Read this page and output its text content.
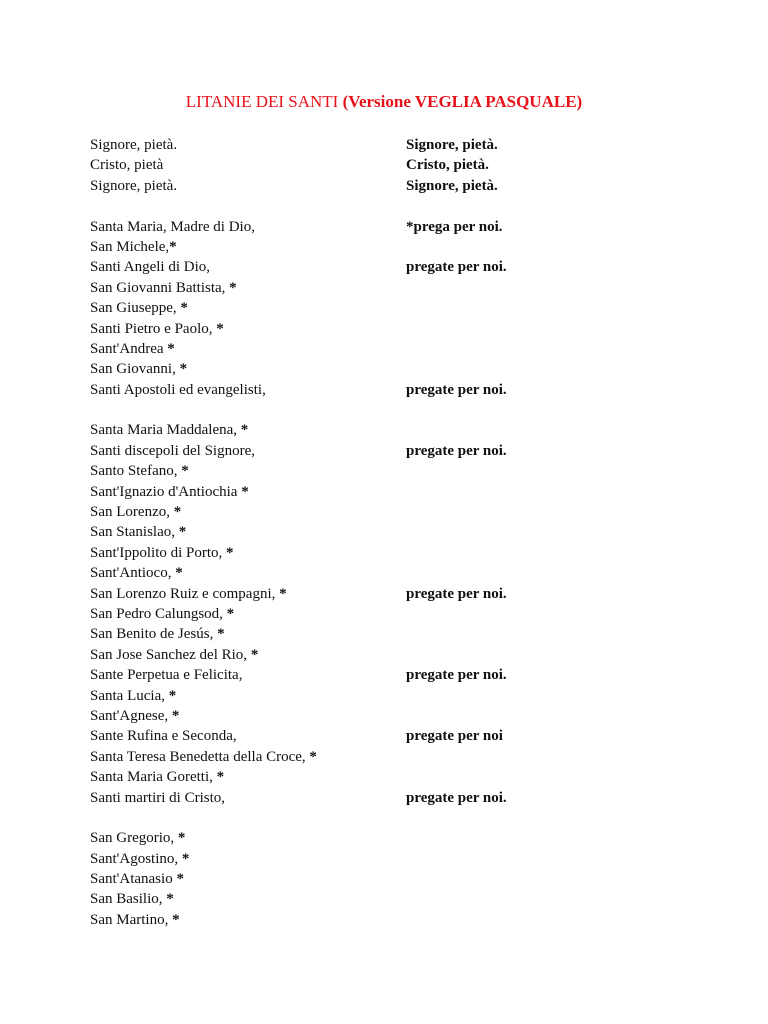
LITANIE DEI SANTI (Versione VEGLIA PASQUALE)
Signore, pietà.	Signore, pietà.
Cristo, pietà	Cristo, pietà.
Signore, pietà.	Signore, pietà.
Santa Maria, Madre di Dio,	*prega per noi.
San Michele,*
Santi Angeli di Dio,	pregate per noi.
San Giovanni Battista, *
San Giuseppe, *
Santi Pietro e Paolo, *
Sant'Andrea *
San Giovanni, *
Santi Apostoli ed evangelisti,	pregate per noi.
Santa Maria Maddalena, *
Santi discepoli del Signore,	pregate per noi.
Santo Stefano, *
Sant'Ignazio d'Antiochia *
San Lorenzo, *
San Stanislao, *
Sant'Ippolito di Porto, *
Sant'Antioco, *
San Lorenzo Ruiz e compagni, *	pregate per noi.
San Pedro Calungsod, *
San Benito de Jesús, *
San Jose Sanchez del Rio, *
Sante Perpetua e Felicita,	pregate per noi.
Santa Lucia, *
Sant'Agnese, *
Sante Rufina e Seconda,	pregate per noi
Santa Teresa Benedetta della Croce, *
Santa Maria Goretti, *
Santi martiri di Cristo,	pregate per noi.
San Gregorio, *
Sant'Agostino, *
Sant'Atanasio *
San Basilio, *
San Martino, *
